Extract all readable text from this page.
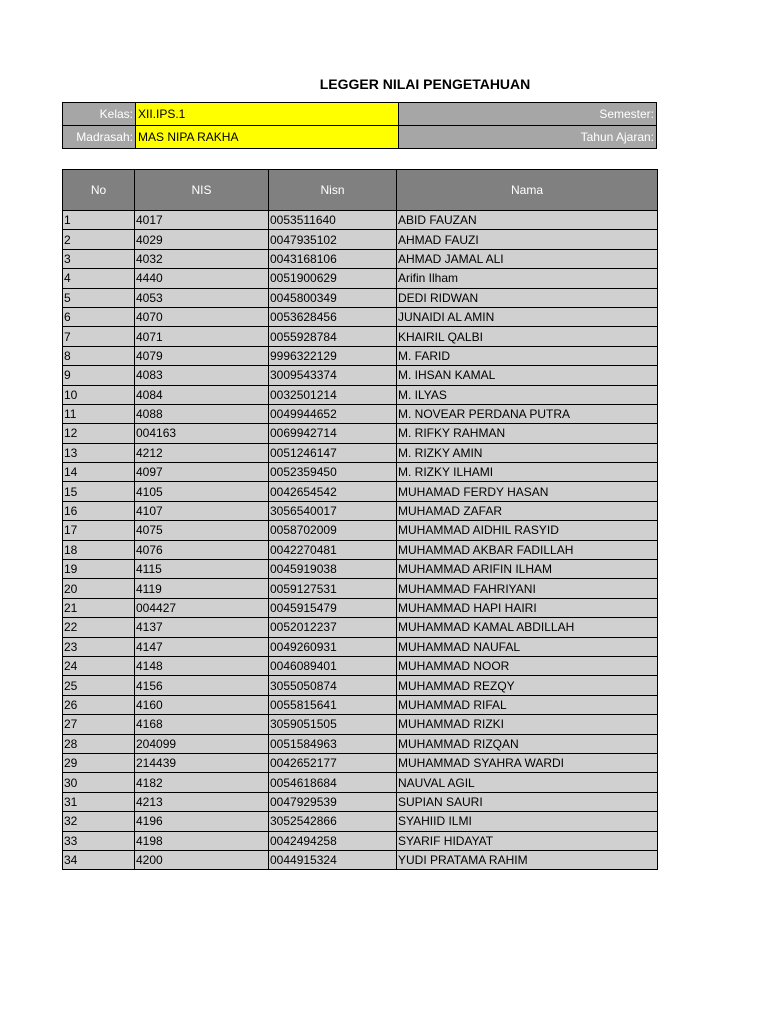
LEGGER NILAI PENGETAHUAN
Kelas:	XII.IPS.1	Semester:
Madrasah:	MAS NIPA RAKHA	Tahun Ajaran:
No	NIS	Nisn	Nama
1	4017	0053511640	ABID FAUZAN
2	4029	0047935102	AHMAD FAUZI
3	4032	0043168106	AHMAD JAMAL ALI
4	4440	0051900629	Arifin Ilham
5	4053	0045800349	DEDI RIDWAN
6	4070	0053628456	JUNAIDI AL AMIN
7	4071	0055928784	KHAIRIL QALBI
8	4079	9996322129	M. FARID
9	4083	3009543374	M. IHSAN KAMAL
10	4084	0032501214	M. ILYAS
11	4088	0049944652	M. NOVEAR PERDANA PUTRA
12	004163	0069942714	M. RIFKY RAHMAN
13	4212	0051246147	M. RIZKY AMIN
14	4097	0052359450	M. RIZKY ILHAMI
15	4105	0042654542	MUHAMAD FERDY HASAN
16	4107	3056540017	MUHAMAD ZAFAR
17	4075	0058702009	MUHAMMAD AIDHIL RASYID
18	4076	0042270481	MUHAMMAD AKBAR FADILLAH
19	4115	0045919038	MUHAMMAD ARIFIN ILHAM
20	4119	0059127531	MUHAMMAD FAHRIYANI
21	004427	0045915479	MUHAMMAD HAPI HAIRI
22	4137	0052012237	MUHAMMAD KAMAL ABDILLAH
23	4147	0049260931	MUHAMMAD NAUFAL
24	4148	0046089401	MUHAMMAD NOOR
25	4156	3055050874	MUHAMMAD REZQY
26	4160	0055815641	MUHAMMAD RIFAL
27	4168	3059051505	MUHAMMAD RIZKI
28	204099	0051584963	MUHAMMAD RIZQAN
29	214439	0042652177	MUHAMMAD SYAHRA WARDI
30	4182	0054618684	NAUVAL AGIL
31	4213	0047929539	SUPIAN SAURI
32	4196	3052542866	SYAHIID ILMI
33	4198	0042494258	SYARIF HIDAYAT
34	4200	0044915324	YUDI PRATAMA RAHIM
